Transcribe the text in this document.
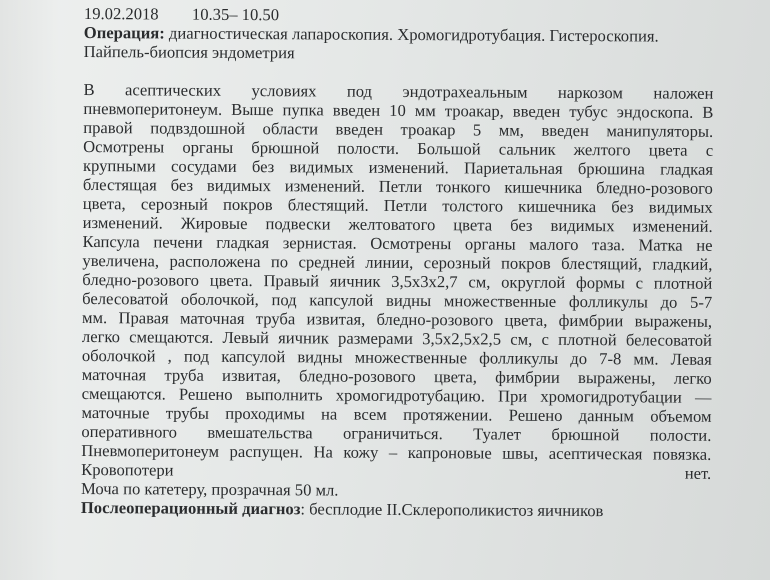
19.02.2018	10.35– 10.50
Операция: диагностическая лапароскопия. Хромогидротубация. Гистероскопия.
Пайпель-биопсия эндометрия
В асептических условиях под эндотрахеальным наркозом наложен
пневмоперитонеум. Выше пупка введен 10 мм троакар, введен тубус эндоскопа. В
правой подвздошной области введен троакар 5 мм, введен манипуляторы.
Осмотрены органы брюшной полости. Большой сальник желтого цвета с
крупными сосудами без видимых изменений. Париетальная брюшина гладкая
блестящая без видимых изменений. Петли тонкого кишечника бледно-розового
цвета, серозный покров блестящий. Петли толстого кишечника без видимых
изменений. Жировые подвески желтоватого цвета без видимых изменений.
Капсула печени гладкая зернистая. Осмотрены органы малого таза. Матка не
увеличена, расположена по средней линии, серозный покров блестящий, гладкий,
бледно-розового цвета. Правый яичник 3,5х3х2,7 см, округлой формы с плотной
белесоватой оболочкой, под капсулой видны множественные фолликулы до 5-7
мм. Правая маточная труба извитая, бледно-розового цвета, фимбрии выражены,
легко смещаются. Левый яичник размерами 3,5х2,5х2,5 см, с плотной белесоватой
оболочкой , под капсулой видны множественные фолликулы до 7-8 мм. Левая
маточная труба извитая, бледно-розового цвета, фимбрии выражены, легко
смещаются. Решено выполнить хромогидротубацию. При хромогидротубации —
маточные трубы проходимы на всем протяжении. Решено данным объемом
оперативного вмешательства ограничиться. Туалет брюшной полости.
Пневмоперитонеум распущен. На кожу – капроновые швы, асептическая повязка.
Кровопотери нет.
Моча по катетеру, прозрачная 50 мл.
Послеоперационный диагноз: бесплодие II.Склерополикистоз яичников
